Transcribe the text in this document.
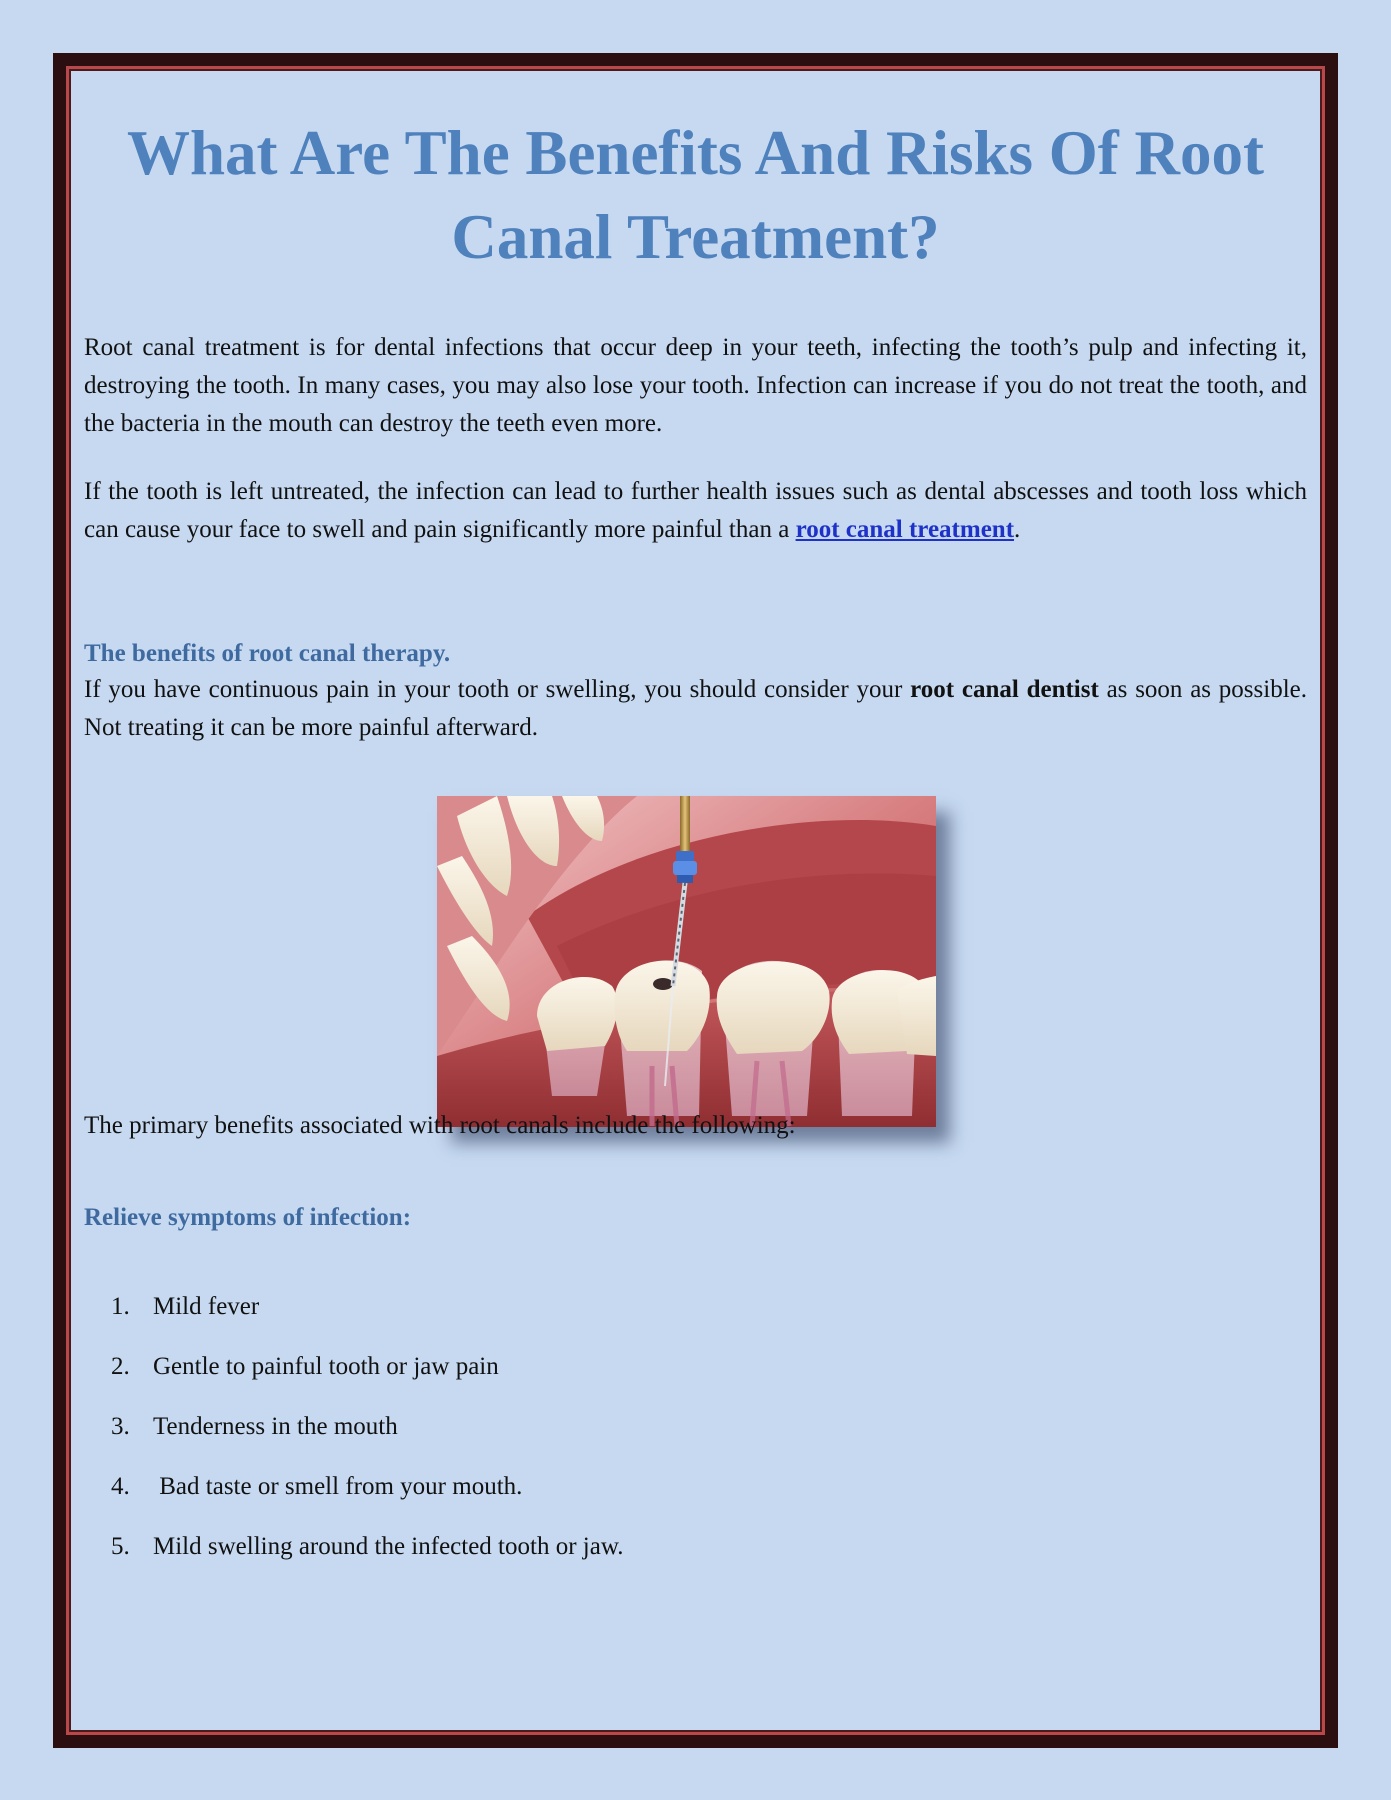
What Are The Benefits And Risks Of Root Canal Treatment?

Root canal treatment is for dental infections that occur deep in your teeth, infecting the tooth’s pulp and infecting it, destroying the tooth. In many cases, you may also lose your tooth. Infection can increase if you do not treat the tooth, and the bacteria in the mouth can destroy the teeth even more.

If the tooth is left untreated, the infection can lead to further health issues such as dental abscesses and tooth loss which can cause your face to swell and pain significantly more painful than a root canal treatment.

The benefits of root canal therapy.

If you have continuous pain in your tooth or swelling, you should consider your root canal dentist as soon as possible. Not treating it can be more painful afterward.

The primary benefits associated with root canals include the following:

Relieve symptoms of infection:
1. Mild fever
2. Gentle to painful tooth or jaw pain
3. Tenderness in the mouth
4. Bad taste or smell from your mouth.
5. Mild swelling around the infected tooth or jaw.
